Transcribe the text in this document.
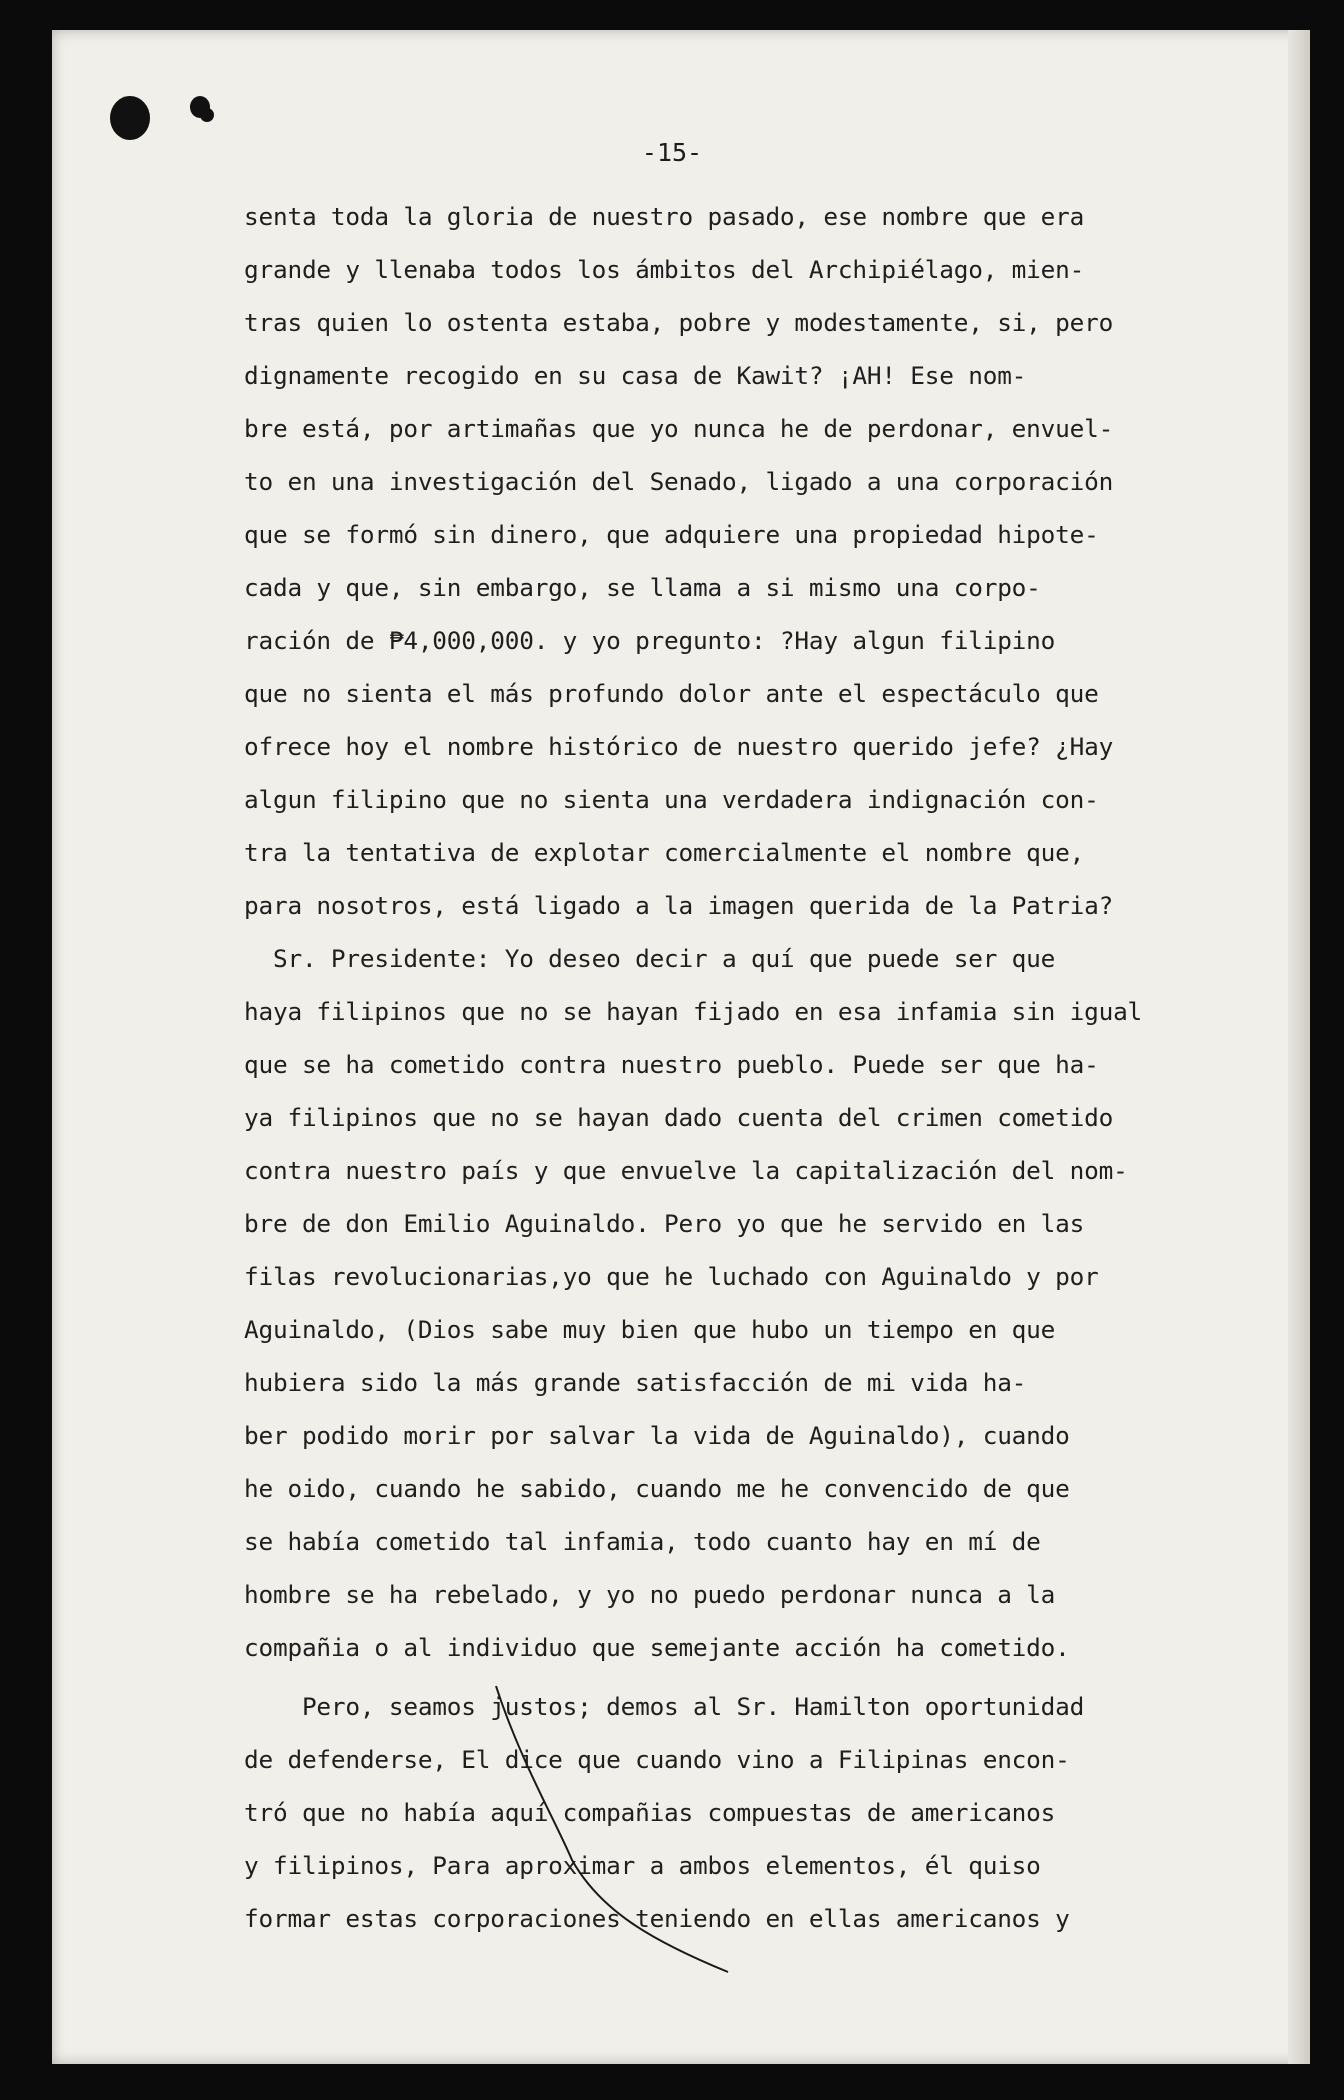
-15-
senta toda la gloria de nuestro pasado, ese nombre que era
grande y llenaba todos los ámbitos del Archipiélago, mien-
tras quien lo ostenta estaba, pobre y modestamente, si, pero
dignamente recogido en su casa de Kawit? ¡AH! Ese nom-
bre está, por artimañas que yo nunca he de perdonar, envuel-
to en una investigación del Senado, ligado a una corporación
que se formó sin dinero, que adquiere una propiedad hipote-
cada y que, sin embargo, se llama a si mismo una corpo-
ración de ₱4,000,000. y yo pregunto: ?Hay algun filipino
que no sienta el más profundo dolor ante el espectáculo que
ofrece hoy el nombre histórico de nuestro querido jefe? ¿Hay
algun filipino que no sienta una verdadera indignación con-
tra la tentativa de explotar comercialmente el nombre que,
para nosotros, está ligado a la imagen querida de la Patria?
Sr. Presidente: Yo deseo decir a quí que puede ser que
haya filipinos que no se hayan fijado en esa infamia sin igual
que se ha cometido contra nuestro pueblo. Puede ser que ha-
ya filipinos que no se hayan dado cuenta del crimen cometido
contra nuestro país y que envuelve la capitalización del nom-
bre de don Emilio Aguinaldo. Pero yo que he servido en las
filas revolucionarias,yo que he luchado con Aguinaldo y por
Aguinaldo, (Dios sabe muy bien que hubo un tiempo en que
hubiera sido la más grande satisfacción de mi vida ha-
ber podido morir por salvar la vida de Aguinaldo), cuando
he oido, cuando he sabido, cuando me he convencido de que
se había cometido tal infamia, todo cuanto hay en mí de
hombre se ha rebelado, y yo no puedo perdonar nunca a la
compañia o al individuo que semejante acción ha cometido.
Pero, seamos justos; demos al Sr. Hamilton oportunidad
de defenderse, El dice que cuando vino a Filipinas encon-
tró que no había aquí compañias compuestas de americanos
y filipinos, Para aproximar a ambos elementos, él quiso
formar estas corporaciones teniendo en ellas americanos y
